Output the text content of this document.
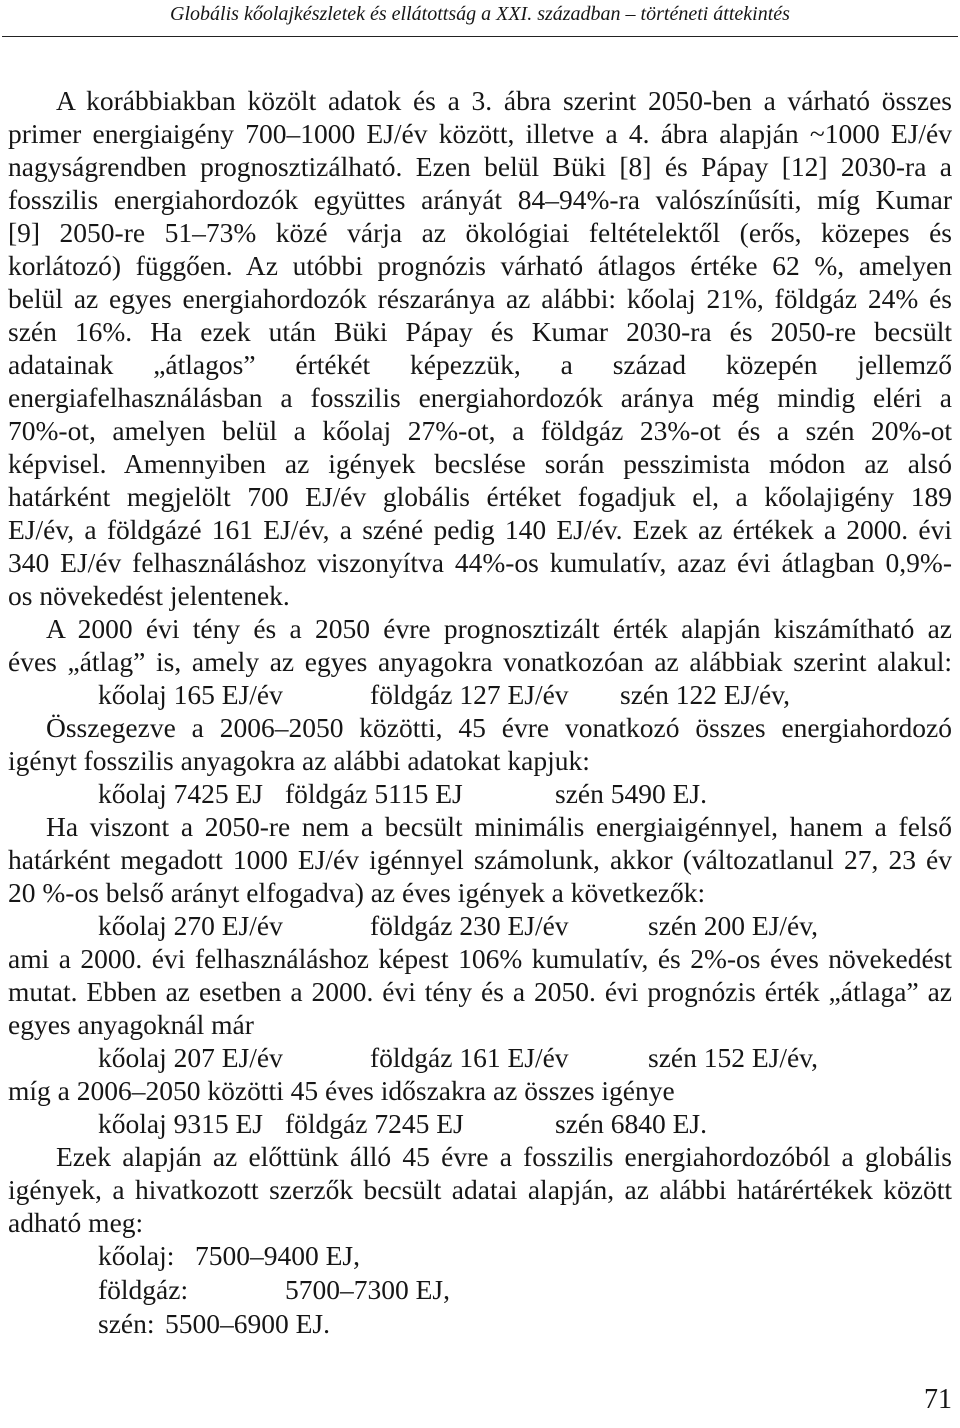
Globális kőolajkészletek és ellátottság a XXI. században – történeti áttekintés
A korábbiakban közölt adatok és a 3. ábra szerint 2050-ben a várható összes
primer energiaigény 700–1000 EJ/év között, illetve a 4. ábra alapján ~1000 EJ/év
nagyságrendben prognosztizálható. Ezen belül Büki [8] és Pápay [12] 2030-ra a
fosszilis energiahordozók együttes arányát 84–94%-ra valószínűsíti, míg Kumar
[9] 2050-re 51–73% közé várja az ökológiai feltételektől (erős, közepes és
korlátozó) függően. Az utóbbi prognózis várható átlagos értéke 62 %, amelyen
belül az egyes energiahordozók részaránya az alábbi: kőolaj 21%, földgáz 24% és
szén 16%. Ha ezek után Büki Pápay és Kumar 2030-ra és 2050-re becsült
adatainak „átlagos” értékét képezzük, a század közepén jellemző
energiafelhasználásban a fosszilis energiahordozók aránya még mindig eléri a
70%-ot, amelyen belül a kőolaj 27%-ot, a földgáz 23%-ot és a szén 20%-ot
képvisel. Amennyiben az igények becslése során pesszimista módon az alsó
határként megjelölt 700 EJ/év globális értéket fogadjuk el, a kőolajigény 189
EJ/év, a földgázé 161 EJ/év, a széné pedig 140 EJ/év. Ezek az értékek a 2000. évi
340 EJ/év felhasználáshoz viszonyítva 44%-os kumulatív, azaz évi átlagban 0,9%-
os növekedést jelentenek.
A 2000 évi tény és a 2050 évre prognosztizált érték alapján kiszámítható az
éves „átlag” is, amely az egyes anyagokra vonatkozóan az alábbiak szerint alakul:
kőolaj 165 EJ/év	földgáz 127 EJ/év szén 122 EJ/év,
Összegezve a 2006–2050 közötti, 45 évre vonatkozó összes energiahordozó
igényt fosszilis anyagokra az alábbi adatokat kapjuk:
kőolaj 7425 EJ földgáz 5115 EJ	szén 5490 EJ.
Ha viszont a 2050-re nem a becsült minimális energiaigénnyel, hanem a felső
határként megadott 1000 EJ/év igénnyel számolunk, akkor (változatlanul 27, 23 év
20 %-os belső arányt elfogadva) az éves igények a következők:
kőolaj 270 EJ/év	földgáz 230 EJ/év	szén 200 EJ/év,
ami a 2000. évi felhasználáshoz képest 106% kumulatív, és 2%-os éves növekedést
mutat. Ebben az esetben a 2000. évi tény és a 2050. évi prognózis érték „átlaga” az
egyes anyagoknál már
kőolaj 207 EJ/év	földgáz 161 EJ/év	szén 152 EJ/év,
míg a 2006–2050 közötti 45 éves időszakra az összes igénye
kőolaj 9315 EJ földgáz 7245 EJ	szén 6840 EJ.
Ezek alapján az előttünk álló 45 évre a fosszilis energiahordozóból a globális
igények, a hivatkozott szerzők becsült adatai alapján, az alábbi határértékek között
adható meg:
kőolaj: 7500–9400 EJ,
földgáz:	5700–7300 EJ,
szén: 5500–6900 EJ.
71
